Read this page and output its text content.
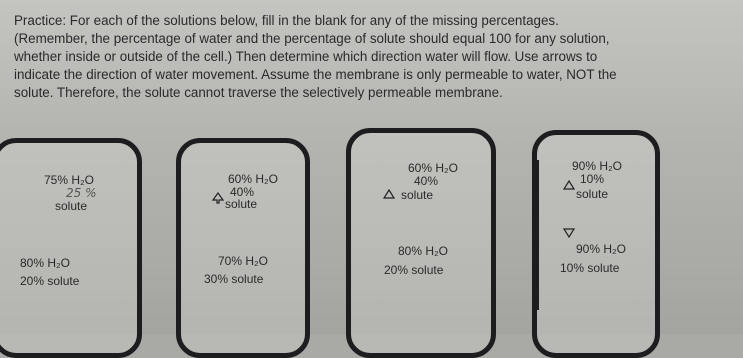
Practice: For each of the solutions below, fill in the blank for any of the missing percentages.

(Remember, the percentage of water and the percentage of solute should equal 100 for any solution,

whether inside or outside of the cell.) Then determine which direction water will flow. Use arrows to

indicate the direction of water movement. Assume the membrane is only permeable to water, NOT the

solute. Therefore, the solute cannot traverse the selectively permeable membrane.

75% H₂O
25 %
solute
80% H₂O
20% solute
60% H₂O
40%
solute
70% H₂O
30% solute
60% H₂O
40%
solute
80% H₂O
20% solute
90% H₂O
10%
solute
90% H₂O
10% solute
